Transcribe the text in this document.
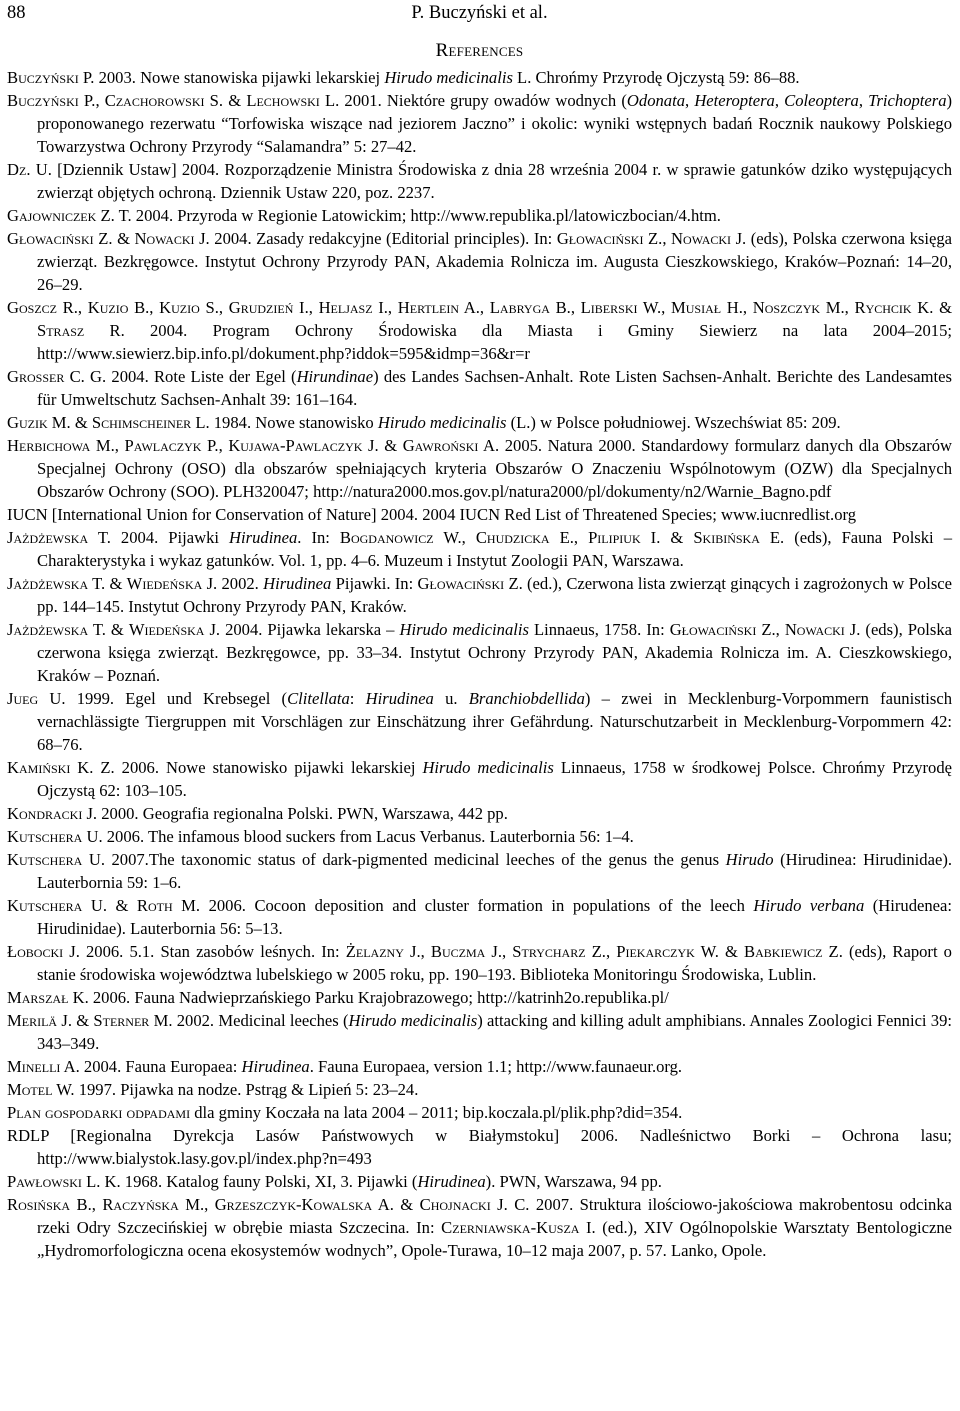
88	P. Buczyński et al.
References
Buczyński P. 2003. Nowe stanowiska pijawki lekarskiej Hirudo medicinalis L. Chrońmy Przyrodę Ojczystą 59: 86–88.
Buczyński P., Czachorowski S. & Lechowski L. 2001. Niektóre grupy owadów wodnych (Odonata, Heteroptera, Coleoptera, Trichoptera) proponowanego rezerwatu “Torfowiska wiszące nad jeziorem Jaczno” i okolic: wyniki wstępnych badań Rocznik naukowy Polskiego Towarzystwa Ochrony Przyrody “Salamandra” 5: 27–42.
Dz. U. [Dziennik Ustaw] 2004. Rozporządzenie Ministra Środowiska z dnia 28 września 2004 r. w sprawie gatunków dziko występujących zwierząt objętych ochroną. Dziennik Ustaw 220, poz. 2237.
Gajowniczek Z. T. 2004. Przyroda w Regionie Latowickim; http://www.republika.pl/latowiczbocian/4.htm.
Głowaciński Z. & Nowacki J. 2004. Zasady redakcyjne (Editorial principles). In: Głowaciński Z., Nowacki J. (eds), Polska czerwona księga zwierząt. Bezkręgowce. Instytut Ochrony Przyrody PAN, Akademia Rolnicza im. Augusta Cieszkowskiego, Kraków–Poznań: 14–20, 26–29.
Goszcz R., Kuzio B., Kuzio S., Grudzień I., Heljasz I., Hertlein A., Labryga B., Liberski W., Musiał H., Noszczyk M., Rychcik K. & Strasz R. 2004. Program Ochrony Środowiska dla Miasta i Gminy Siewierz na lata 2004–2015; http://www.siewierz.bip.info.pl/dokument.php?iddok=595&idmp=36&r=r
Grosser C. G. 2004. Rote Liste der Egel (Hirundinae) des Landes Sachsen-Anhalt. Rote Listen Sachsen-Anhalt. Berichte des Landesamtes für Umweltschutz Sachsen-Anhalt 39: 161–164.
Guzik M. & Schimscheiner L. 1984. Nowe stanowisko Hirudo medicinalis (L.) w Polsce południowej. Wszechświat 85: 209.
Herbichowa M., Pawlaczyk P., Kujawa-Pawlaczyk J. & Gawroński A. 2005. Natura 2000. Standardowy formularz danych dla Obszarów Specjalnej Ochrony (OSO) dla obszarów spełniających kryteria Obszarów O Znaczeniu Wspólnotowym (OZW) dla Specjalnych Obszarów Ochrony (SOO). PLH320047; http://natura2000.mos.gov.pl/natura2000/pl/dokumenty/n2/Warnie_Bagno.pdf
IUCN [International Union for Conservation of Nature] 2004. 2004 IUCN Red List of Threatened Species; www.iucnredlist.org
Jażdżewska T. 2004. Pijawki Hirudinea. In: Bogdanowicz W., Chudzicka E., Pilipiuk I. & Skibińska E. (eds), Fauna Polski – Charakterystyka i wykaz gatunków. Vol. 1, pp. 4–6. Muzeum i Instytut Zoologii PAN, Warszawa.
Jażdżewska T. & Wiedeńska J. 2002. Hirudinea Pijawki. In: Głowaciński Z. (ed.), Czerwona lista zwierząt ginących i zagrożonych w Polsce pp. 144–145. Instytut Ochrony Przyrody PAN, Kraków.
Jażdżewska T. & Wiedeńska J. 2004. Pijawka lekarska – Hirudo medicinalis Linnaeus, 1758. In: Głowaciński Z., Nowacki J. (eds), Polska czerwona księga zwierząt. Bezkręgowce, pp. 33–34. Instytut Ochrony Przyrody PAN, Akademia Rolnicza im. A. Cieszkowskiego, Kraków – Poznań.
Jueg U. 1999. Egel und Krebsegel (Clitellata: Hirudinea u. Branchiobdellida) – zwei in Mecklenburg-Vorpommern faunistisch vernachlässigte Tiergruppen mit Vorschlägen zur Einschätzung ihrer Gefährdung. Naturschutzarbeit in Mecklenburg-Vorpommern 42: 68–76.
Kamiński K. Z. 2006. Nowe stanowisko pijawki lekarskiej Hirudo medicinalis Linnaeus, 1758 w środkowej Polsce. Chrońmy Przyrodę Ojczystą 62: 103–105.
Kondracki J. 2000. Geografia regionalna Polski. PWN, Warszawa, 442 pp.
Kutschera U. 2006. The infamous blood suckers from Lacus Verbanus. Lauterbornia 56: 1–4.
Kutschera U. 2007.The taxonomic status of dark-pigmented medicinal leeches of the genus the genus Hirudo (Hirudinea: Hirudinidae). Lauterbornia 59: 1–6.
Kutschera U. & Roth M. 2006. Cocoon deposition and cluster formation in populations of the leech Hirudo verbana (Hirudenea: Hirudinidae). Lauterbornia 56: 5–13.
Łobocki J. 2006. 5.1. Stan zasobów leśnych. In: Żelazny J., Buczma J., Strycharz Z., Piekarczyk W. & Babkiewicz Z. (eds), Raport o stanie środowiska województwa lubelskiego w 2005 roku, pp. 190–193. Biblioteka Monitoringu Środowiska, Lublin.
Marszał K. 2006. Fauna Nadwieprzańskiego Parku Krajobrazowego; http://katrinh2o.republika.pl/
Merilä J. & Sterner M. 2002. Medicinal leeches (Hirudo medicinalis) attacking and killing adult amphibians. Annales Zoologici Fennici 39: 343–349.
Minelli A. 2004. Fauna Europaea: Hirudinea. Fauna Europaea, version 1.1; http://www.faunaeur.org.
Motel W. 1997. Pijawka na nodze. Pstrąg & Lipień 5: 23–24.
Plan gospodarki odpadami dla gminy Koczała na lata 2004 – 2011; bip.koczala.pl/plik.php?did=354.
RDLP [Regionalna Dyrekcja Lasów Państwowych w Białymstoku] 2006. Nadleśnictwo Borki – Ochrona lasu; http://www.bialystok.lasy.gov.pl/index.php?n=493
Pawłowski L. K. 1968. Katalog fauny Polski, XI, 3. Pijawki (Hirudinea). PWN, Warszawa, 94 pp.
Rosińska B., Raczyńska M., Grzeszczyk-Kowalska A. & Chojnacki J. C. 2007. Struktura ilościowo-jakościowa makrobentosu odcinka rzeki Odry Szczecińskiej w obrębie miasta Szczecina. In: Czerniawska-Kusza I. (ed.), XIV Ogólnopolskie Warsztaty Bentologiczne „Hydromorfologiczna ocena ekosystemów wodnych”, Opole-Turawa, 10–12 maja 2007, p. 57. Lanko, Opole.
